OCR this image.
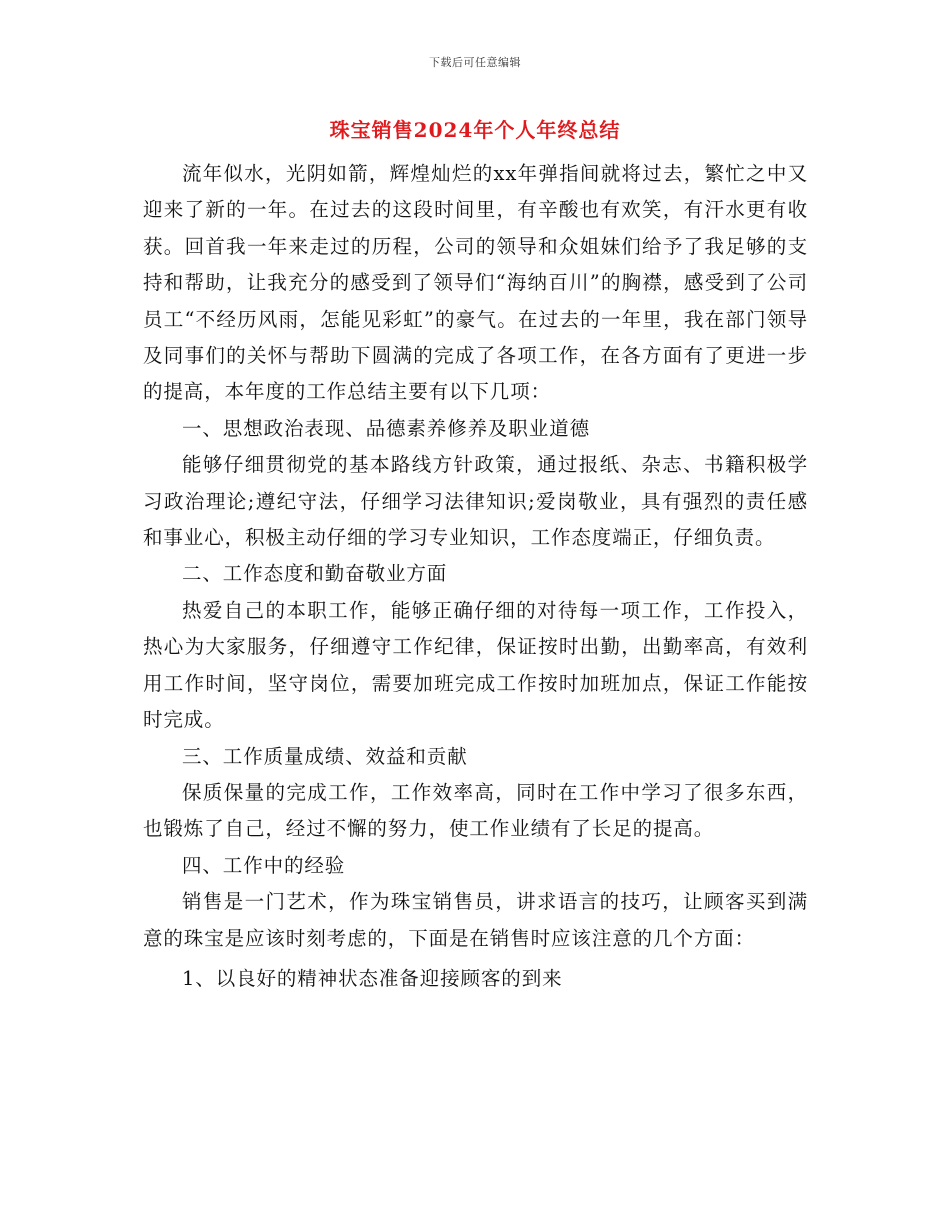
下载后可任意编辑
珠宝销售2024年个人年终总结

流年似水，光阴如箭，辉煌灿烂的xx年弹指间就将过去，繁忙之中又迎来了新的一年。在过去的这段时间里，有辛酸也有欢笑，有汗水更有收获。回首我一年来走过的历程，公司的领导和众姐妹们给予了我足够的支持和帮助，让我充分的感受到了领导们“海纳百川”的胸襟，感受到了公司员工“不经历风雨，怎能见彩虹”的豪气。在过去的一年里，我在部门领导及同事们的关怀与帮助下圆满的完成了各项工作，在各方面有了更进一步的提高，本年度的工作总结主要有以下几项：

一、思想政治表现、品德素养修养及职业道德

能够仔细贯彻党的基本路线方针政策，通过报纸、杂志、书籍积极学习政治理论;遵纪守法，仔细学习法律知识;爱岗敬业，具有强烈的责任感和事业心，积极主动仔细的学习专业知识，工作态度端正，仔细负责。

二、工作态度和勤奋敬业方面

热爱自己的本职工作，能够正确仔细的对待每一项工作，工作投入，热心为大家服务，仔细遵守工作纪律，保证按时出勤，出勤率高，有效利用工作时间，坚守岗位，需要加班完成工作按时加班加点，保证工作能按时完成。

三、工作质量成绩、效益和贡献

保质保量的完成工作，工作效率高，同时在工作中学习了很多东西，也锻炼了自己，经过不懈的努力，使工作业绩有了长足的提高。

四、工作中的经验

销售是一门艺术，作为珠宝销售员，讲求语言的技巧，让顾客买到满意的珠宝是应该时刻考虑的，下面是在销售时应该注意的几个方面：

1、以良好的精神状态准备迎接顾客的到来
